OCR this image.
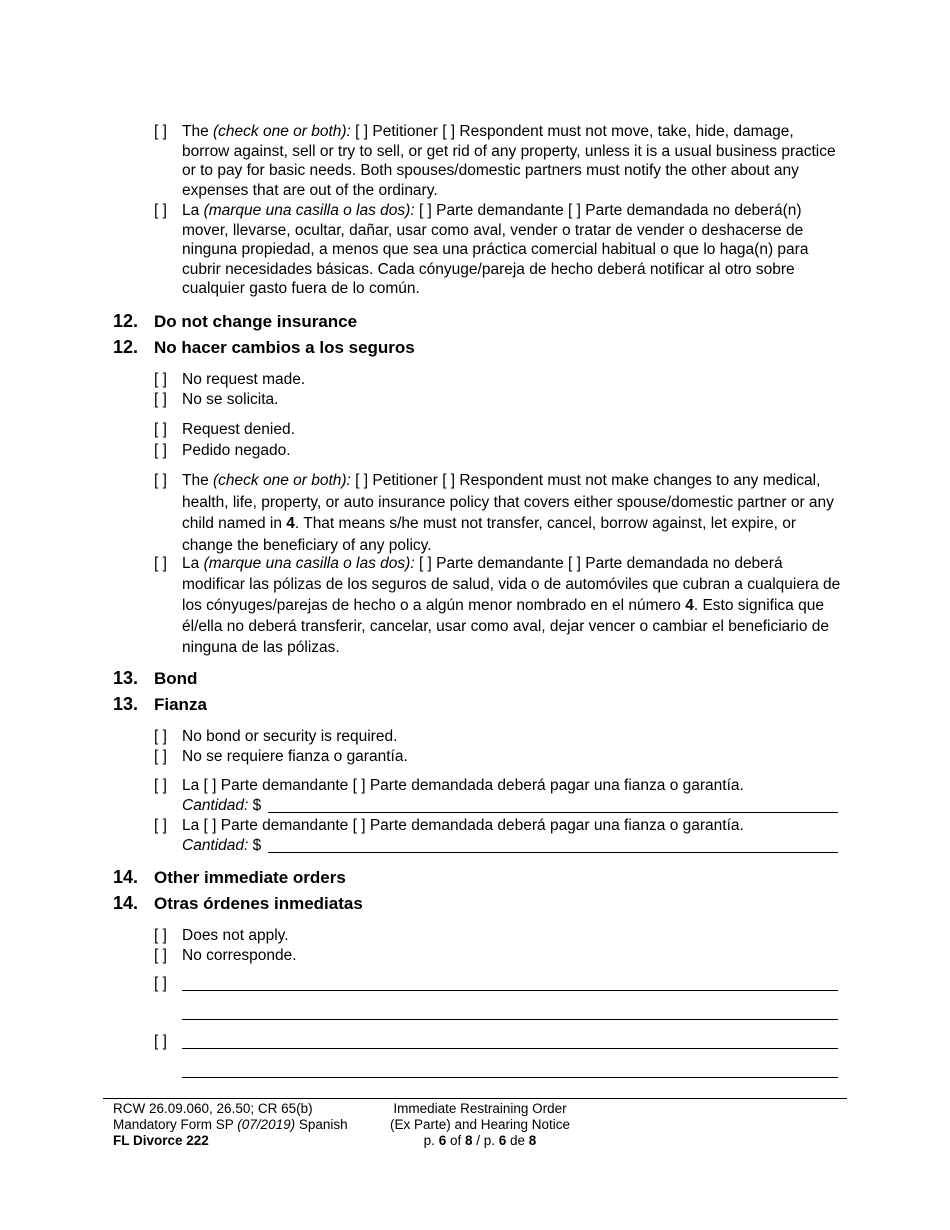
[ ] The (check one or both): [ ] Petitioner [ ] Respondent must not move, take, hide, damage, borrow against, sell or try to sell, or get rid of any property, unless it is a usual business practice or to pay for basic needs. Both spouses/domestic partners must notify the other about any expenses that are out of the ordinary.
[ ] La (marque una casilla o las dos): [ ] Parte demandante [ ] Parte demandada no deberá(n) mover, llevarse, ocultar, dañar, usar como aval, vender o tratar de vender o deshacerse de ninguna propiedad, a menos que sea una práctica comercial habitual o que lo haga(n) para cubrir necesidades básicas. Cada cónyuge/pareja de hecho deberá notificar al otro sobre cualquier gasto fuera de lo común.
12. Do not change insurance
12. No hacer cambios a los seguros
[ ] No request made.
[ ] No se solicita.
[ ] Request denied.
[ ] Pedido negado.
[ ] The (check one or both): [ ] Petitioner [ ] Respondent must not make changes to any medical, health, life, property, or auto insurance policy that covers either spouse/domestic partner or any child named in 4. That means s/he must not transfer, cancel, borrow against, let expire, or change the beneficiary of any policy.
[ ] La (marque una casilla o las dos): [ ] Parte demandante [ ] Parte demandada no deberá modificar las pólizas de los seguros de salud, vida o de automóviles que cubran a cualquiera de los cónyuges/parejas de hecho o a algún menor nombrado en el número 4. Esto significa que él/ella no deberá transferir, cancelar, usar como aval, dejar vencer o cambiar el beneficiario de ninguna de las pólizas.
13. Bond
13. Fianza
[ ] No bond or security is required.
[ ] No se requiere fianza o garantía.
[ ] La [ ] Parte demandante [ ] Parte demandada deberá pagar una fianza o garantía.
Cantidad: $
[ ] La [ ] Parte demandante [ ] Parte demandada deberá pagar una fianza o garantía.
Cantidad: $
14. Other immediate orders
14. Otras órdenes inmediatas
[ ] Does not apply.
[ ] No corresponde.
[ ]
[ ]
RCW 26.09.060, 26.50; CR 65(b)
Mandatory Form SP (07/2019) Spanish
FL Divorce 222
Immediate Restraining Order
(Ex Parte) and Hearing Notice
p. 6 of 8 / p. 6 de 8
